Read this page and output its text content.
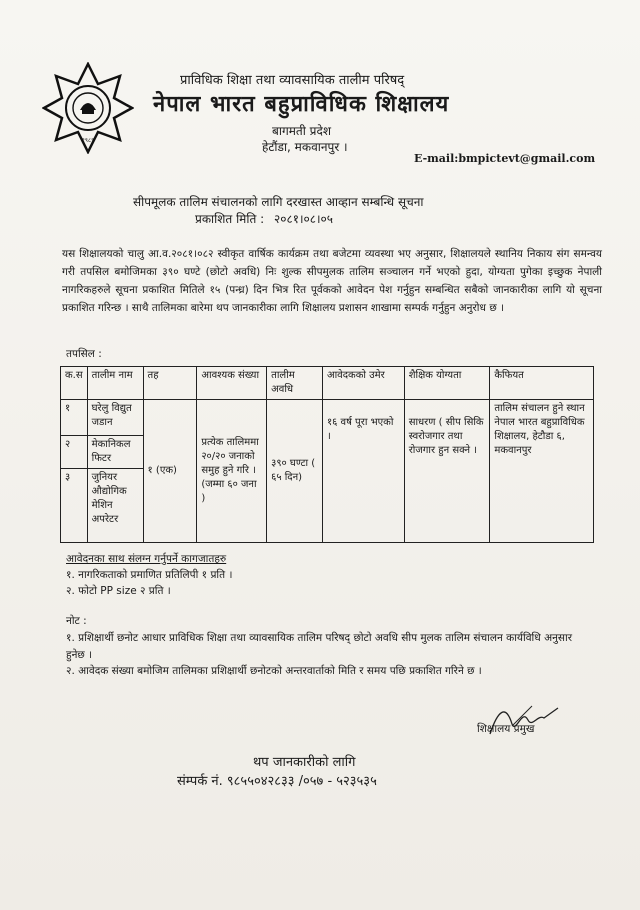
१९८९
प्राविधिक शिक्षा तथा व्यावसायिक तालीम परिषद्
नेपाल भारत बहुप्राविधिक शिक्षालय
बागमती प्रदेश
हेटौंडा, मकवानपुर ।
E-mail:bmpictevt@gmail.com
सीपमूलक तालिम संचालनको लागि दरखास्त आव्हान सम्बन्धि सूचना
प्रकाशित मिति : २०८१।०८।०५
यस शिक्षालयको चालु आ.व.२०८१।०८२ स्वीकृत वार्षिक कार्यक्रम तथा बजेटमा व्यवस्था भए अनुसार, शिक्षालयले स्थानिय निकाय संग समन्वय गरी तपसिल बमोजिमका ३९० घण्टे (छोटो अवधि) निः शुल्क सीपमुलक तालिम सञ्चालन गर्ने भएको हुदा, योग्यता पुगेका इच्छुक नेपाली नागरिकहरुले सूचना प्रकाशित मितिले १५ (पन्ध्र) दिन भित्र रित पूर्वकको आवेदन पेश गर्नुहुन सम्बन्धित सबैको जानकारीका लागि यो सूचना प्रकाशित गरिन्छ । साथै तालिमका बारेमा थप जानकारीका लागि शिक्षालय प्रशासन शाखामा सम्पर्क गर्नुहुन अनुरोध छ ।
तपसिल :
क.स	तालीम नाम	तह	आवश्यक संख्या	तालीम अवधि	आवेदकको उमेर	शैक्षिक योग्यता	कैफियत
१	घरेलु विद्युत जडान	१ (एक)	प्रत्येक तालिममा २०/२० जनाको समुह हुने गरि । (जम्मा ६० जना )	३९० घण्टा ( ६५ दिन)	१६ वर्ष पूरा भएको ।	साधरण ( सीप सिकि स्वरोजगार तथा रोजगार हुन सक्ने ।	तालिम संचालन हुने स्थान नेपाल भारत बहुप्राविधिक शिक्षालय, हेटौडा ६, मकवानपुर
२	मेकानिकल फिटर						
३	जुनियर औद्योगिक मेशिन अपरेटर						
आवेदनका साथ संलग्न गर्नुपर्ने कागजातहरु
१. नागरिकताको प्रमाणित प्रतिलिपी १ प्रति ।
२. फोटो PP size २ प्रति ।
नोट :
१. प्रशिक्षार्थी छनोट आधार प्राविधिक शिक्षा तथा व्यावसायिक तालिम परिषद् छोटो अवधि सीप मुलक तालिम संचालन कार्यविधि अनुसार हुनेछ ।
२. आवेदक संख्या बमोजिम तालिमका प्रशिक्षार्थी छनोटको अन्तरवार्ताको मिति र समय पछि प्रकाशित गरिने छ ।
शिक्षालय प्रमुख
थप जानकारीको लागि
संम्पर्क नं. ९८५५०४२८३३ /०५७ - ५२३५३५
